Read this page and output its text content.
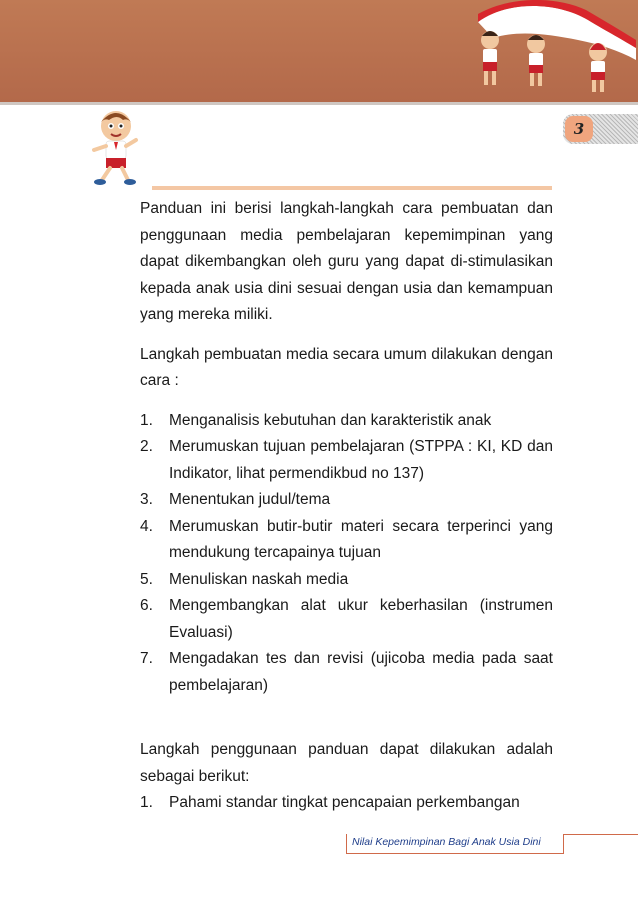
3

Panduan ini berisi langkah-langkah cara pembuatan dan penggunaan media pembelajaran kepemimpinan yang dapat dikembangkan oleh guru yang dapat di-stimulasikan kepada anak usia dini sesuai dengan usia dan kemampuan yang mereka miliki.

Langkah pembuatan media secara umum dilakukan dengan cara :

1. Menganalisis kebutuhan dan karakteristik anak
2. Merumuskan tujuan pembelajaran (STPPA : KI, KD dan Indikator, lihat permendikbud no 137)
3. Menentukan judul/tema
4. Merumuskan butir-butir materi secara terperinci yang mendukung tercapainya tujuan
5. Menuliskan naskah media
6. Mengembangkan alat ukur keberhasilan (instrumen Evaluasi)
7. Mengadakan tes dan revisi (ujicoba media pada saat pembelajaran)

Langkah penggunaan panduan dapat dilakukan adalah sebagai berikut:

1. Pahami standar tingkat pencapaian perkembangan
Nilai Kepemimpinan Bagi Anak Usia Dini
